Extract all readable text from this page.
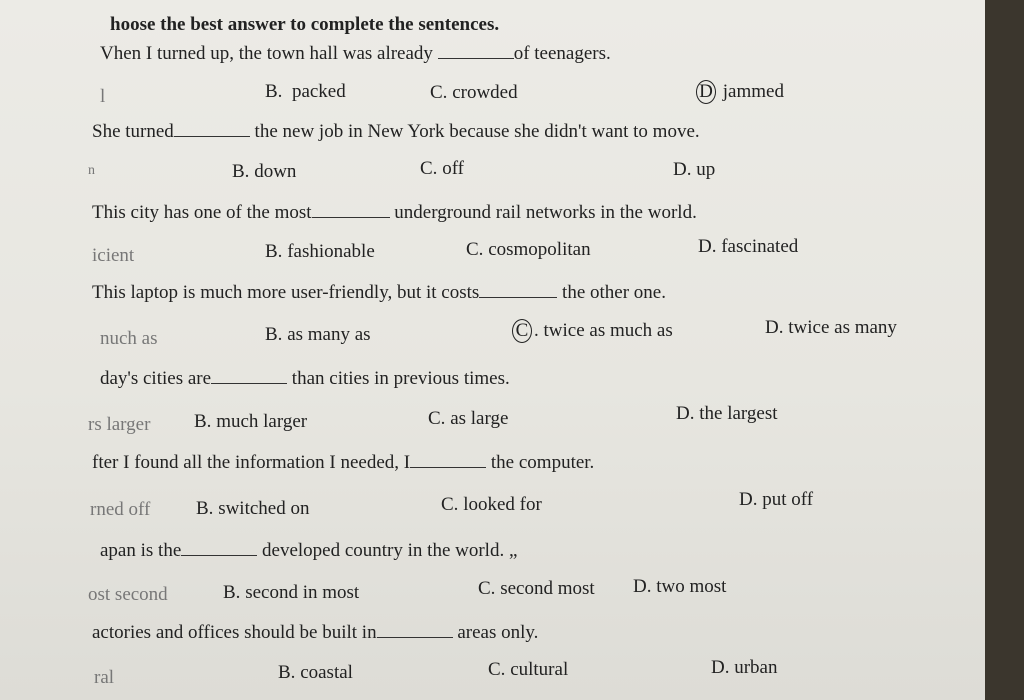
hoose the best answer to complete the sentences.
Vhen I turned up, the town hall was already	of teenagers.
l	B. packed	C. crowded	D jammed
She turned	the new job in New York because she didn't want to move.
n	B. down	C. off	D. up
This city has one of the most	underground rail networks in the world.
icient	B. fashionable	C. cosmopolitan	D. fascinated
This laptop is much more user-friendly, but it costs	the other one.
nuch as	B. as many as	C . twice as much as	D. twice as many
day's cities are	than cities in previous times.
rs larger B. much larger	C. as large	D. the largest
fter I found all the information I needed, I	the computer.
rned off B. switched on	C. looked for	D. put off
apan is the	developed country in the world. „
ost second	B. second in most	C. second most D. two most
actories and offices should be built in	areas only.
ral	B. coastal	C. cultural	D. urban
